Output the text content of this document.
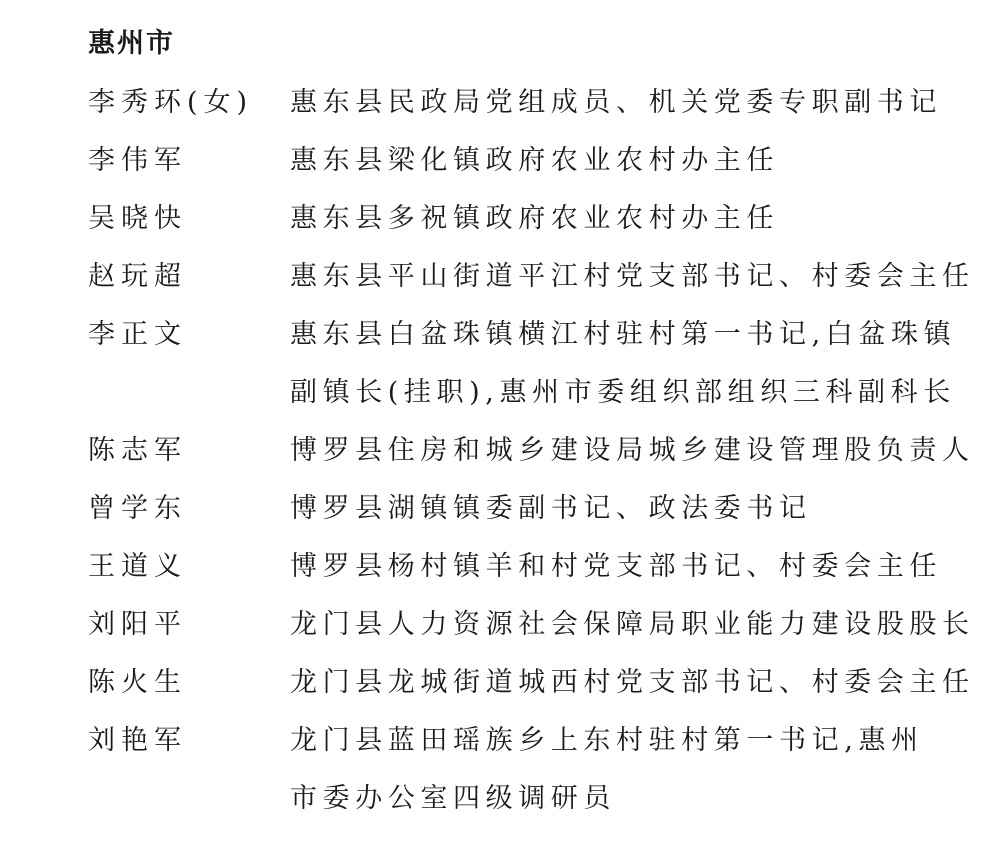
惠州市
李秀环(女)	惠东县民政局党组成员、机关党委专职副书记
李伟军	惠东县梁化镇政府农业农村办主任
吴晓快	惠东县多祝镇政府农业农村办主任
赵玩超	惠东县平山街道平江村党支部书记、村委会主任
李正文	惠东县白盆珠镇横江村驻村第一书记,白盆珠镇
副镇长(挂职),惠州市委组织部组织三科副科长
陈志军	博罗县住房和城乡建设局城乡建设管理股负责人
曾学东	博罗县湖镇镇委副书记、政法委书记
王道义	博罗县杨村镇羊和村党支部书记、村委会主任
刘阳平	龙门县人力资源社会保障局职业能力建设股股长
陈火生	龙门县龙城街道城西村党支部书记、村委会主任
刘艳军	龙门县蓝田瑶族乡上东村驻村第一书记,惠州
市委办公室四级调研员
